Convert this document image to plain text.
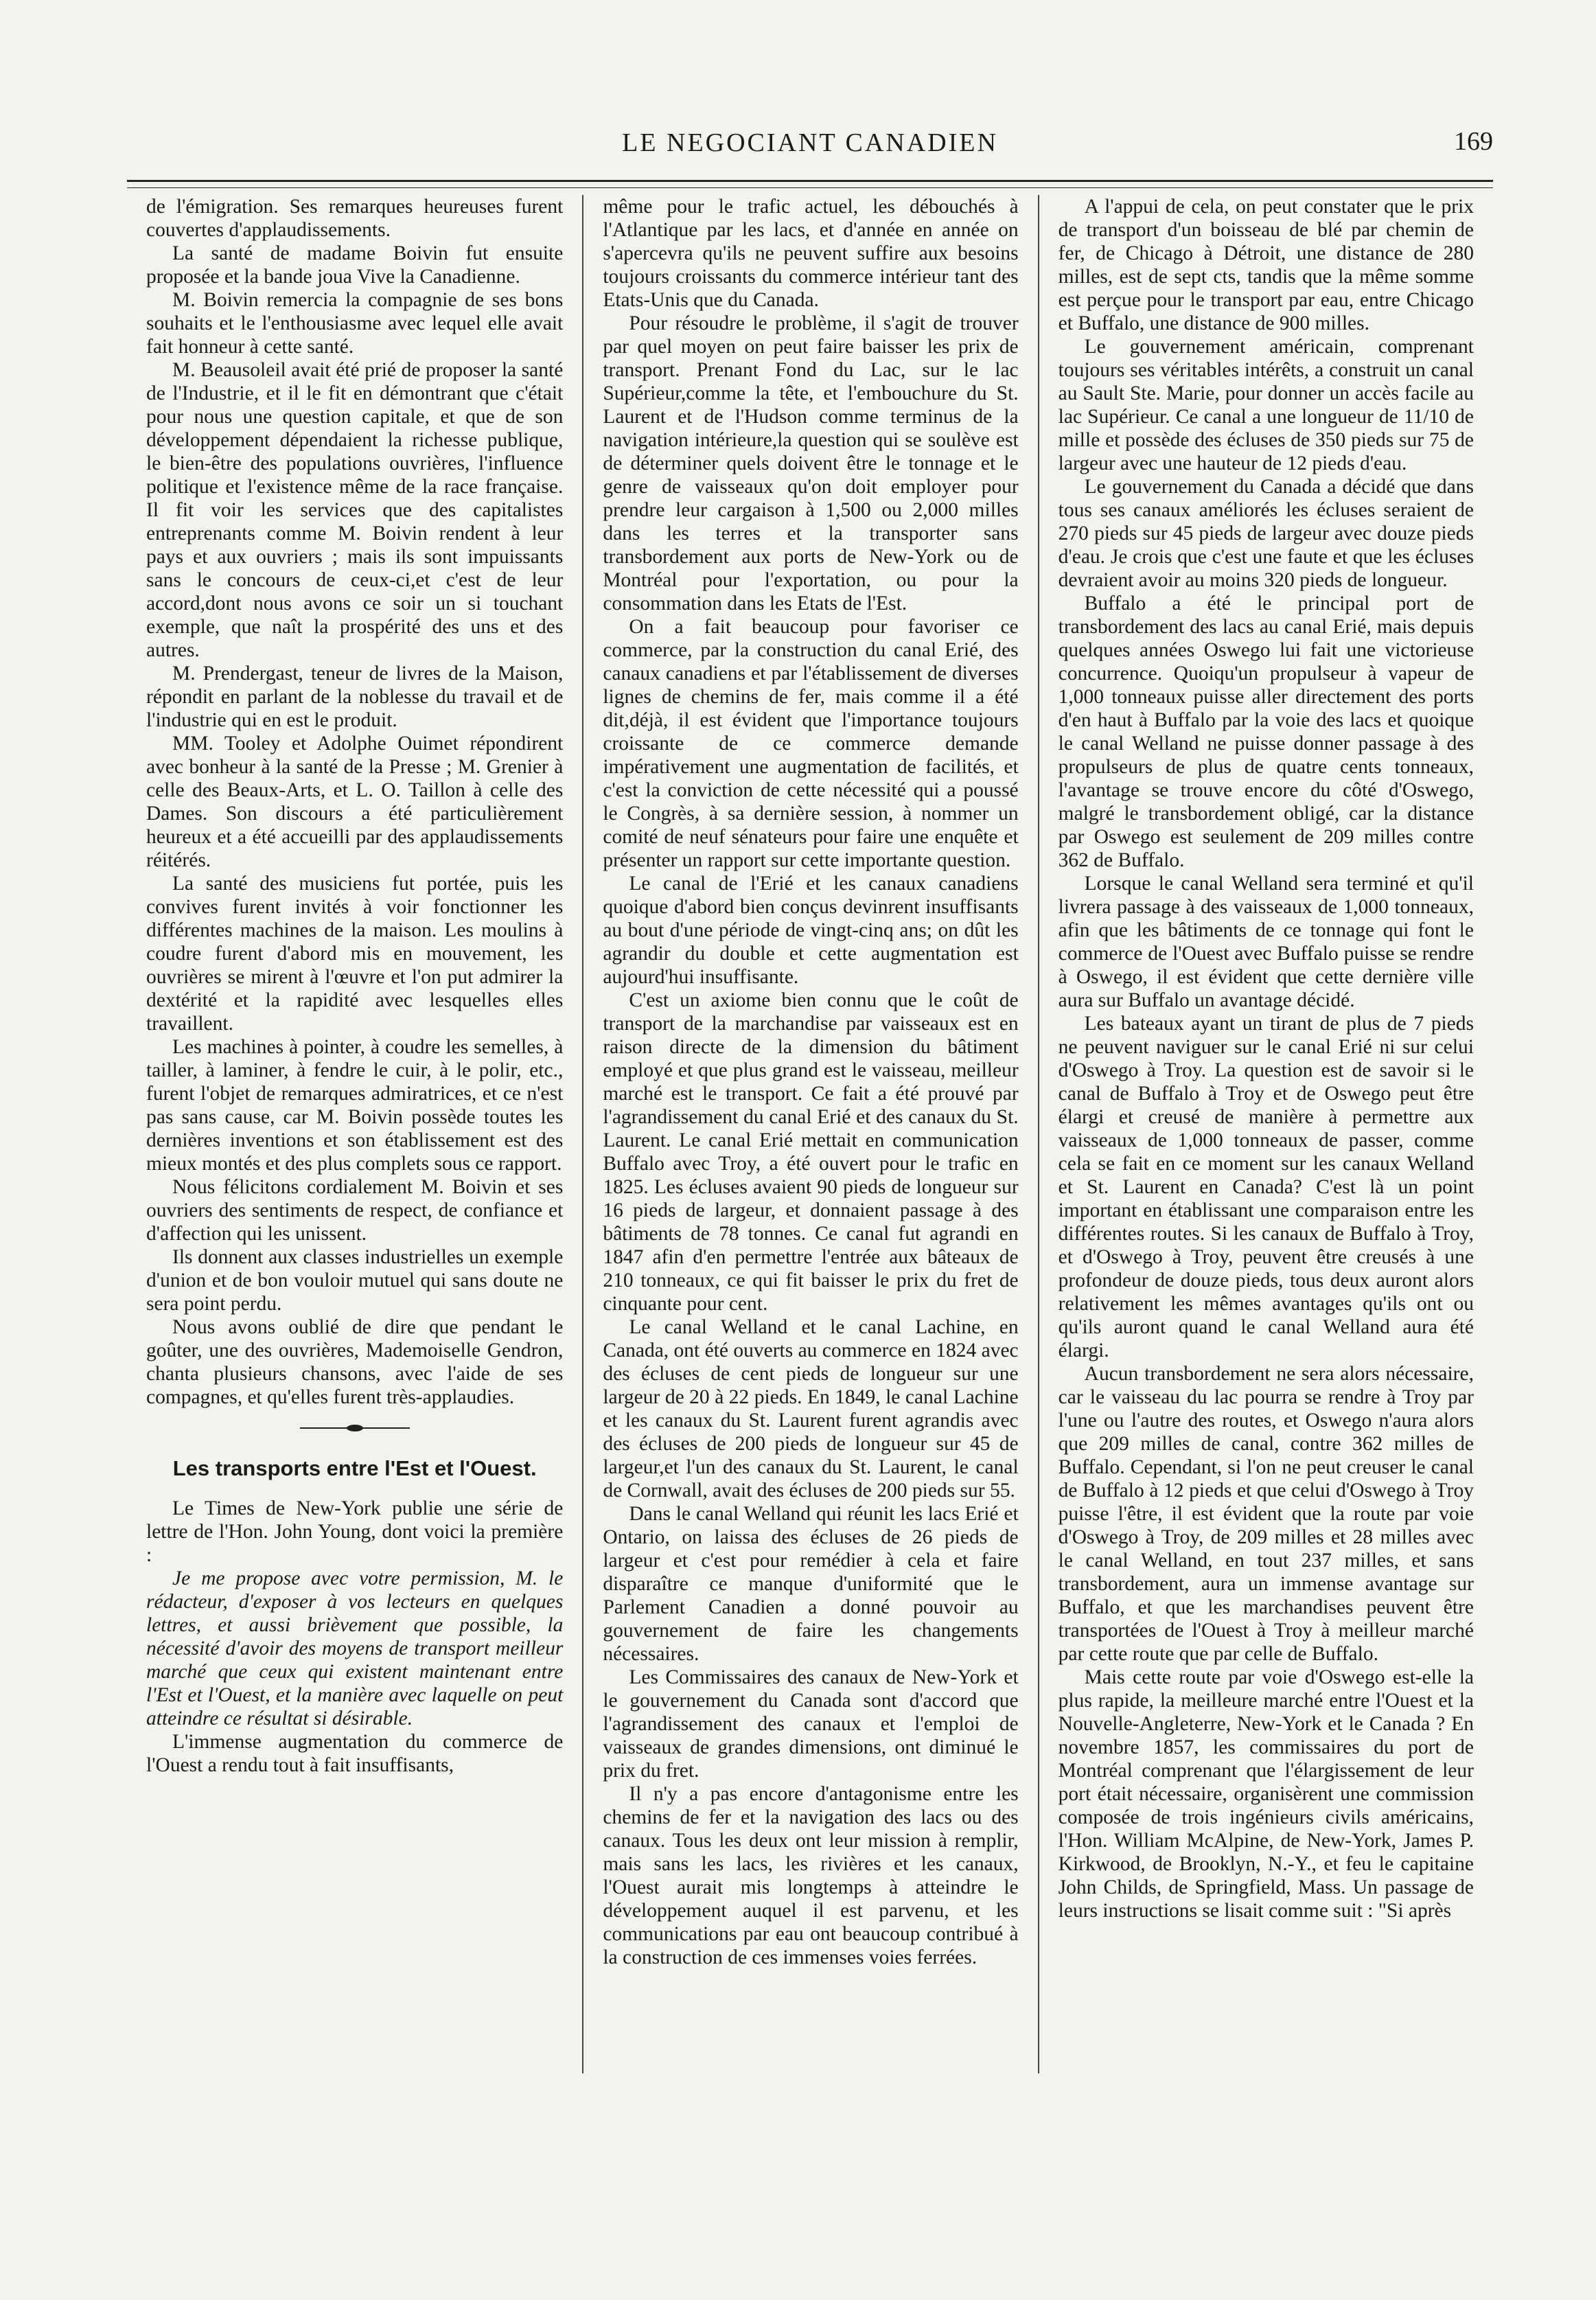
LE NEGOCIANT CANADIEN	169

de l'émigration. Ses remarques heureuses furent couvertes d'applaudissements.

La santé de madame Boivin fut ensuite proposée et la bande joua Vive la Canadienne.

M. Boivin remercia la compagnie de ses bons souhaits et le l'enthousiasme avec lequel elle avait fait honneur à cette santé.

M. Beausoleil avait été prié de proposer la santé de l'Industrie, et il le fit en démontrant que c'était pour nous une question capitale, et que de son développement dépendaient la richesse publique, le bien-être des populations ouvrières, l'influence politique et l'existence même de la race française. Il fit voir les services que des capitalistes entreprenants comme M. Boivin rendent à leur pays et aux ouvriers ; mais ils sont impuissants sans le concours de ceux-ci,et c'est de leur accord,dont nous avons ce soir un si touchant exemple, que naît la prospérité des uns et des autres.

M. Prendergast, teneur de livres de la Maison, répondit en parlant de la noblesse du travail et de l'industrie qui en est le produit.

MM. Tooley et Adolphe Ouimet répondirent avec bonheur à la santé de la Presse ; M. Grenier à celle des Beaux-Arts, et L. O. Taillon à celle des Dames. Son discours a été particulièrement heureux et a été accueilli par des applaudissements réitérés.

La santé des musiciens fut portée, puis les convives furent invités à voir fonctionner les différentes machines de la maison. Les moulins à coudre furent d'abord mis en mouvement, les ouvrières se mirent à l'œuvre et l'on put admirer la dextérité et la rapidité avec lesquelles elles travaillent.

Les machines à pointer, à coudre les semelles, à tailler, à laminer, à fendre le cuir, à le polir, etc., furent l'objet de remarques admiratrices, et ce n'est pas sans cause, car M. Boivin possède toutes les dernières inventions et son établissement est des mieux montés et des plus complets sous ce rapport.

Nous félicitons cordialement M. Boivin et ses ouvriers des sentiments de respect, de confiance et d'affection qui les unissent.

Ils donnent aux classes industrielles un exemple d'union et de bon vouloir mutuel qui sans doute ne sera point perdu.

Nous avons oublié de dire que pendant le goûter, une des ouvrières, Mademoiselle Gendron, chanta plusieurs chansons, avec l'aide de ses compagnes, et qu'elles furent très-applaudies.

Les transports entre l'Est et l'Ouest.

Le Times de New-York publie une série de lettre de l'Hon. John Young, dont voici la première :

Je me propose avec votre permission, M. le rédacteur, d'exposer à vos lecteurs en quelques lettres, et aussi brièvement que possible, la nécessité d'avoir des moyens de transport meilleur marché que ceux qui existent maintenant entre l'Est et l'Ouest, et la manière avec laquelle on peut atteindre ce résultat si désirable.

L'immense augmentation du commerce de l'Ouest a rendu tout à fait insuffisants,

même pour le trafic actuel, les débouchés à l'Atlantique par les lacs, et d'année en année on s'apercevra qu'ils ne peuvent suffire aux besoins toujours croissants du commerce intérieur tant des Etats-Unis que du Canada.

Pour résoudre le problème, il s'agit de trouver par quel moyen on peut faire baisser les prix de transport. Prenant Fond du Lac, sur le lac Supérieur,comme la tête, et l'embouchure du St. Laurent et de l'Hudson comme terminus de la navigation intérieure,la question qui se soulève est de déterminer quels doivent être le tonnage et le genre de vaisseaux qu'on doit employer pour prendre leur cargaison à 1,500 ou 2,000 milles dans les terres et la transporter sans transbordement aux ports de New-York ou de Montréal pour l'exportation, ou pour la consommation dans les Etats de l'Est.

On a fait beaucoup pour favoriser ce commerce, par la construction du canal Erié, des canaux canadiens et par l'établissement de diverses lignes de chemins de fer, mais comme il a été dit,déjà, il est évident que l'importance toujours croissante de ce commerce demande impérativement une augmentation de facilités, et c'est la conviction de cette nécessité qui a poussé le Congrès, à sa dernière session, à nommer un comité de neuf sénateurs pour faire une enquête et présenter un rapport sur cette importante question.

Le canal de l'Erié et les canaux canadiens quoique d'abord bien conçus devinrent insuffisants au bout d'une période de vingt-cinq ans; on dût les agrandir du double et cette augmentation est aujourd'hui insuffisante.

C'est un axiome bien connu que le coût de transport de la marchandise par vaisseaux est en raison directe de la dimension du bâtiment employé et que plus grand est le vaisseau, meilleur marché est le transport. Ce fait a été prouvé par l'agrandissement du canal Erié et des canaux du St. Laurent. Le canal Erié mettait en communication Buffalo avec Troy, a été ouvert pour le trafic en 1825. Les écluses avaient 90 pieds de longueur sur 16 pieds de largeur, et donnaient passage à des bâtiments de 78 tonnes. Ce canal fut agrandi en 1847 afin d'en permettre l'entrée aux bâteaux de 210 tonneaux, ce qui fit baisser le prix du fret de cinquante pour cent.

Le canal Welland et le canal Lachine, en Canada, ont été ouverts au commerce en 1824 avec des écluses de cent pieds de longueur sur une largeur de 20 à 22 pieds. En 1849, le canal Lachine et les canaux du St. Laurent furent agrandis avec des écluses de 200 pieds de longueur sur 45 de largeur,et l'un des canaux du St. Laurent, le canal de Cornwall, avait des écluses de 200 pieds sur 55.

Dans le canal Welland qui réunit les lacs Erié et Ontario, on laissa des écluses de 26 pieds de largeur et c'est pour remédier à cela et faire disparaître ce manque d'uniformité que le Parlement Canadien a donné pouvoir au gouvernement de faire les changements nécessaires.

Les Commissaires des canaux de New-York et le gouvernement du Canada sont d'accord que l'agrandissement des canaux et l'emploi de vaisseaux de grandes dimensions, ont diminué le prix du fret.

Il n'y a pas encore d'antagonisme entre les chemins de fer et la navigation des lacs ou des canaux. Tous les deux ont leur mission à remplir, mais sans les lacs, les rivières et les canaux, l'Ouest aurait mis longtemps à atteindre le développement auquel il est parvenu, et les communications par eau ont beaucoup contribué à la construction de ces immenses voies ferrées.

A l'appui de cela, on peut constater que le prix de transport d'un boisseau de blé par chemin de fer, de Chicago à Détroit, une distance de 280 milles, est de sept cts, tandis que la même somme est perçue pour le transport par eau, entre Chicago et Buffalo, une distance de 900 milles.

Le gouvernement américain, comprenant toujours ses véritables intérêts, a construit un canal au Sault Ste. Marie, pour donner un accès facile au lac Supérieur. Ce canal a une longueur de 11/10 de mille et possède des écluses de 350 pieds sur 75 de largeur avec une hauteur de 12 pieds d'eau.

Le gouvernement du Canada a décidé que dans tous ses canaux améliorés les écluses seraient de 270 pieds sur 45 pieds de largeur avec douze pieds d'eau. Je crois que c'est une faute et que les écluses devraient avoir au moins 320 pieds de longueur.

Buffalo a été le principal port de transbordement des lacs au canal Erié, mais depuis quelques années Oswego lui fait une victorieuse concurrence. Quoiqu'un propulseur à vapeur de 1,000 tonneaux puisse aller directement des ports d'en haut à Buffalo par la voie des lacs et quoique le canal Welland ne puisse donner passage à des propulseurs de plus de quatre cents tonneaux, l'avantage se trouve encore du côté d'Oswego, malgré le transbordement obligé, car la distance par Oswego est seulement de 209 milles contre 362 de Buffalo.

Lorsque le canal Welland sera terminé et qu'il livrera passage à des vaisseaux de 1,000 tonneaux, afin que les bâtiments de ce tonnage qui font le commerce de l'Ouest avec Buffalo puisse se rendre à Oswego, il est évident que cette dernière ville aura sur Buffalo un avantage décidé.

Les bateaux ayant un tirant de plus de 7 pieds ne peuvent naviguer sur le canal Erié ni sur celui d'Oswego à Troy. La question est de savoir si le canal de Buffalo à Troy et de Oswego peut être élargi et creusé de manière à permettre aux vaisseaux de 1,000 tonneaux de passer, comme cela se fait en ce moment sur les canaux Welland et St. Laurent en Canada? C'est là un point important en établissant une comparaison entre les différentes routes. Si les canaux de Buffalo à Troy, et d'Oswego à Troy, peuvent être creusés à une profondeur de douze pieds, tous deux auront alors relativement les mêmes avantages qu'ils ont ou qu'ils auront quand le canal Welland aura été élargi.

Aucun transbordement ne sera alors nécessaire, car le vaisseau du lac pourra se rendre à Troy par l'une ou l'autre des routes, et Oswego n'aura alors que 209 milles de canal, contre 362 milles de Buffalo. Cependant, si l'on ne peut creuser le canal de Buffalo à 12 pieds et que celui d'Oswego à Troy puisse l'être, il est évident que la route par voie d'Oswego à Troy, de 209 milles et 28 milles avec le canal Welland, en tout 237 milles, et sans transbordement, aura un immense avantage sur Buffalo, et que les marchandises peuvent être transportées de l'Ouest à Troy à meilleur marché par cette route que par celle de Buffalo.

Mais cette route par voie d'Oswego est-elle la plus rapide, la meilleure marché entre l'Ouest et la Nouvelle-Angleterre, New-York et le Canada ? En novembre 1857, les commissaires du port de Montréal comprenant que l'élargissement de leur port était nécessaire, organisèrent une commission composée de trois ingénieurs civils américains, l'Hon. William McAlpine, de New-York, James P. Kirkwood, de Brooklyn, N.-Y., et feu le capitaine John Childs, de Springfield, Mass. Un passage de leurs instructions se lisait comme suit : "Si après
